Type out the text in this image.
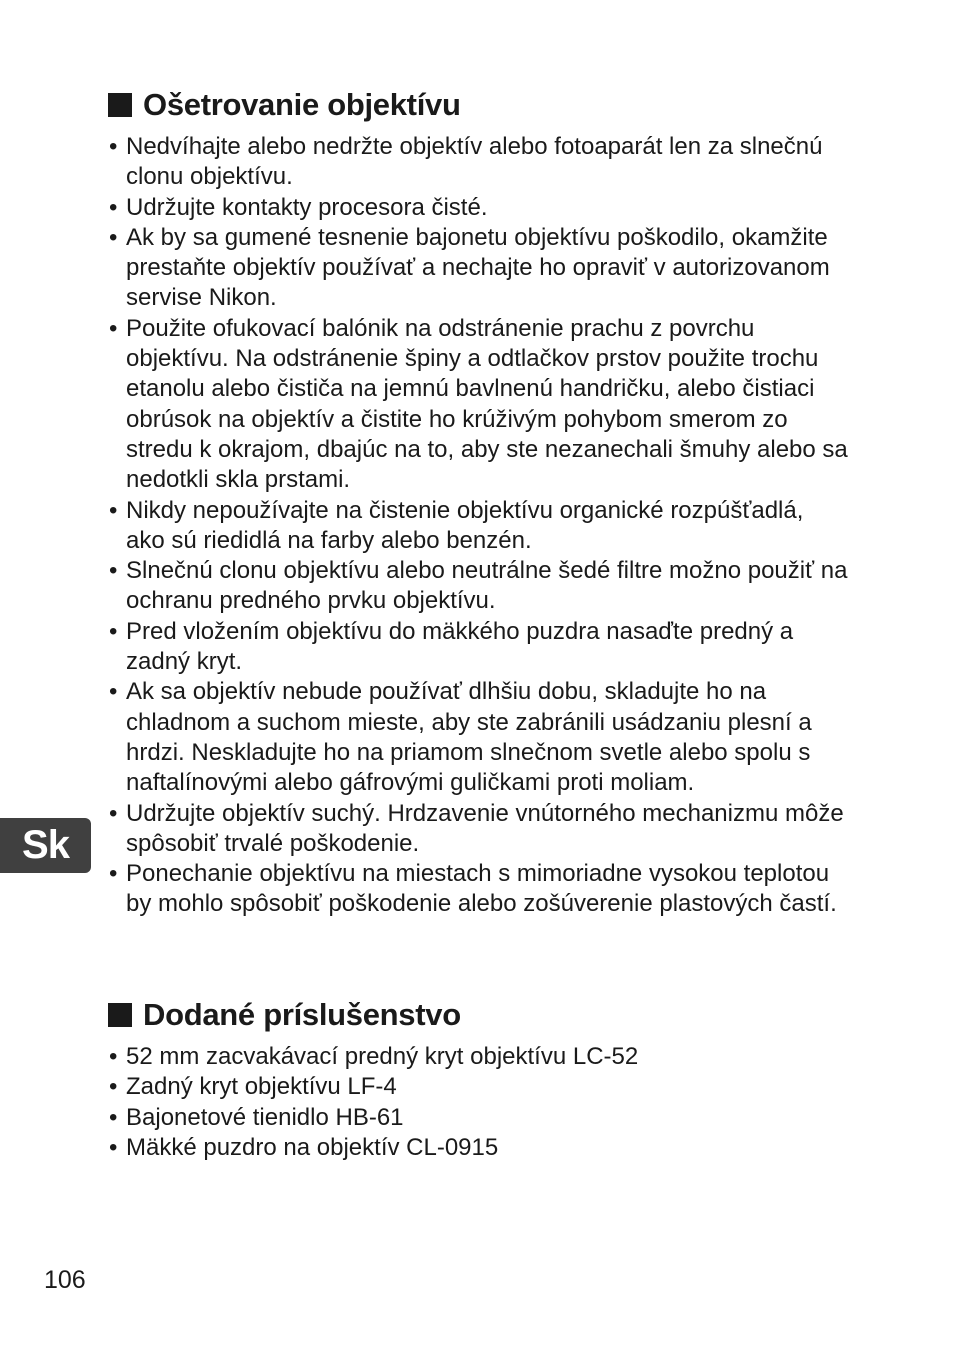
Ošetrovanie objektívu
• Nedvíhajte alebo nedržte objektív alebo fotoaparát len za slnečnú clonu objektívu.
• Udržujte kontakty procesora čisté.
• Ak by sa gumené tesnenie bajonetu objektívu poškodilo, okamžite prestaňte objektív používať a nechajte ho opraviť v autorizovanom servise Nikon.
• Použite ofukovací balónik na odstránenie prachu z povrchu objektívu. Na odstránenie špiny a odtlačkov prstov použite trochu etanolu alebo čističa na jemnú bavlnenú handričku, alebo čistiaci obrúsok na objektív a čistite ho krúživým pohybom smerom zo stredu k okrajom, dbajúc na to, aby ste nezanechali šmuhy alebo sa nedotkli skla prstami.
• Nikdy nepoužívajte na čistenie objektívu organické rozpúšťadlá, ako sú riedidlá na farby alebo benzén.
• Slnečnú clonu objektívu alebo neutrálne šedé filtre možno použiť na ochranu predného prvku objektívu.
• Pred vložením objektívu do mäkkého puzdra nasaďte predný a zadný kryt.
• Ak sa objektív nebude používať dlhšiu dobu, skladujte ho na chladnom a suchom mieste, aby ste zabránili usádzaniu plesní a hrdzi. Neskladujte ho na priamom slnečnom svetle alebo spolu s naftalínovými alebo gáfrovými guličkami proti moliam.
• Udržujte objektív suchý. Hrdzavenie vnútorného mechanizmu môže spôsobiť trvalé poškodenie.
• Ponechanie objektívu na miestach s mimoriadne vysokou teplotou by mohlo spôsobiť poškodenie alebo zošúverenie plastových častí.
Dodané príslušenstvo
• 52 mm zacvakávací predný kryt objektívu LC-52
• Zadný kryt objektívu LF-4
• Bajonetové tienidlo HB-61
• Mäkké puzdro na objektív CL-0915
Sk
106
